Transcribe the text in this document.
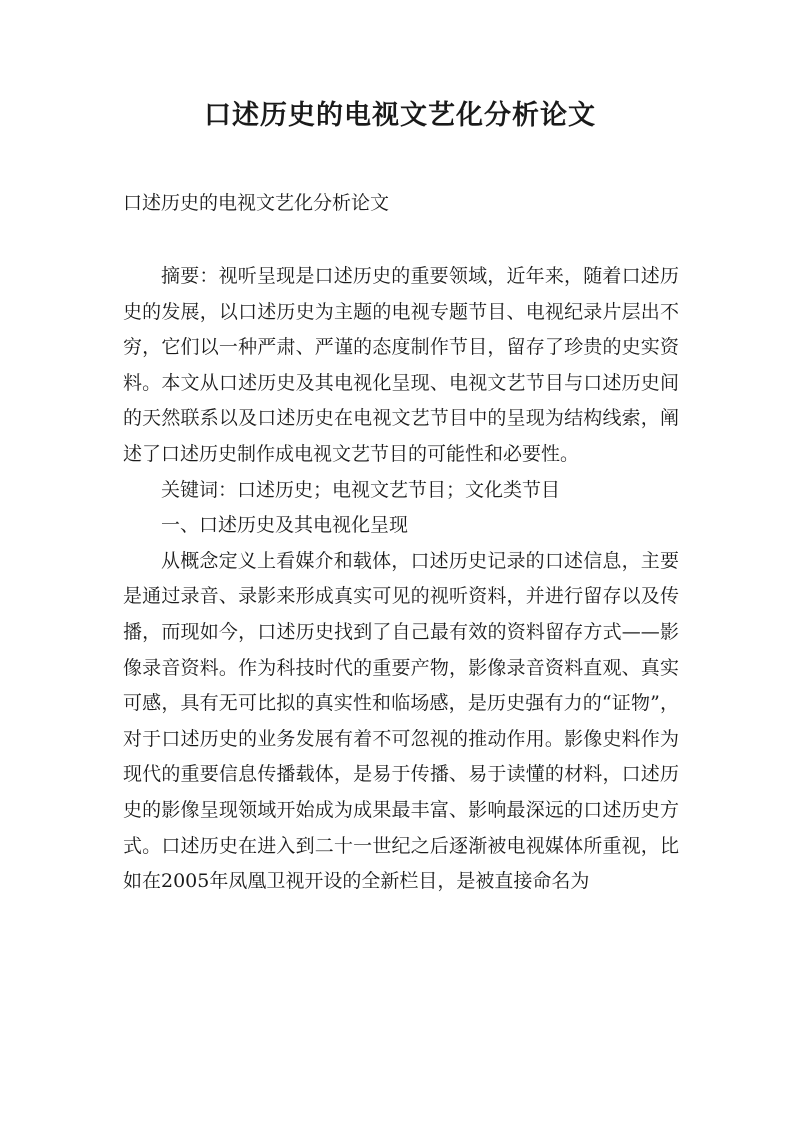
口述历史的电视文艺化分析论文
口述历史的电视文艺化分析论文

摘要：视听呈现是口述历史的重要领域，近年来，随着口述历史的发展，以口述历史为主题的电视专题节目、电视纪录片层出不穷，它们以一种严肃、严谨的态度制作节目，留存了珍贵的史实资料。本文从口述历史及其电视化呈现、电视文艺节目与口述历史间的天然联系以及口述历史在电视文艺节目中的呈现为结构线索，阐述了口述历史制作成电视文艺节目的可能性和必要性。

关键词：口述历史；电视文艺节目；文化类节目

一、口述历史及其电视化呈现

从概念定义上看媒介和载体，口述历史记录的口述信息，主要是通过录音、录影来形成真实可见的视听资料，并进行留存以及传播，而现如今，口述历史找到了自己最有效的资料留存方式——影像录音资料。作为科技时代的重要产物，影像录音资料直观、真实可感，具有无可比拟的真实性和临场感，是历史强有力的“证物”，对于口述历史的业务发展有着不可忽视的推动作用。影像史料作为现代的重要信息传播载体，是易于传播、易于读懂的材料，口述历史的影像呈现领域开始成为成果最丰富、影响最深远的口述历史方式。口述历史在进入到二十一世纪之后逐渐被电视媒体所重视，比如在2005年凤凰卫视开设的全新栏目，是被直接命名为
